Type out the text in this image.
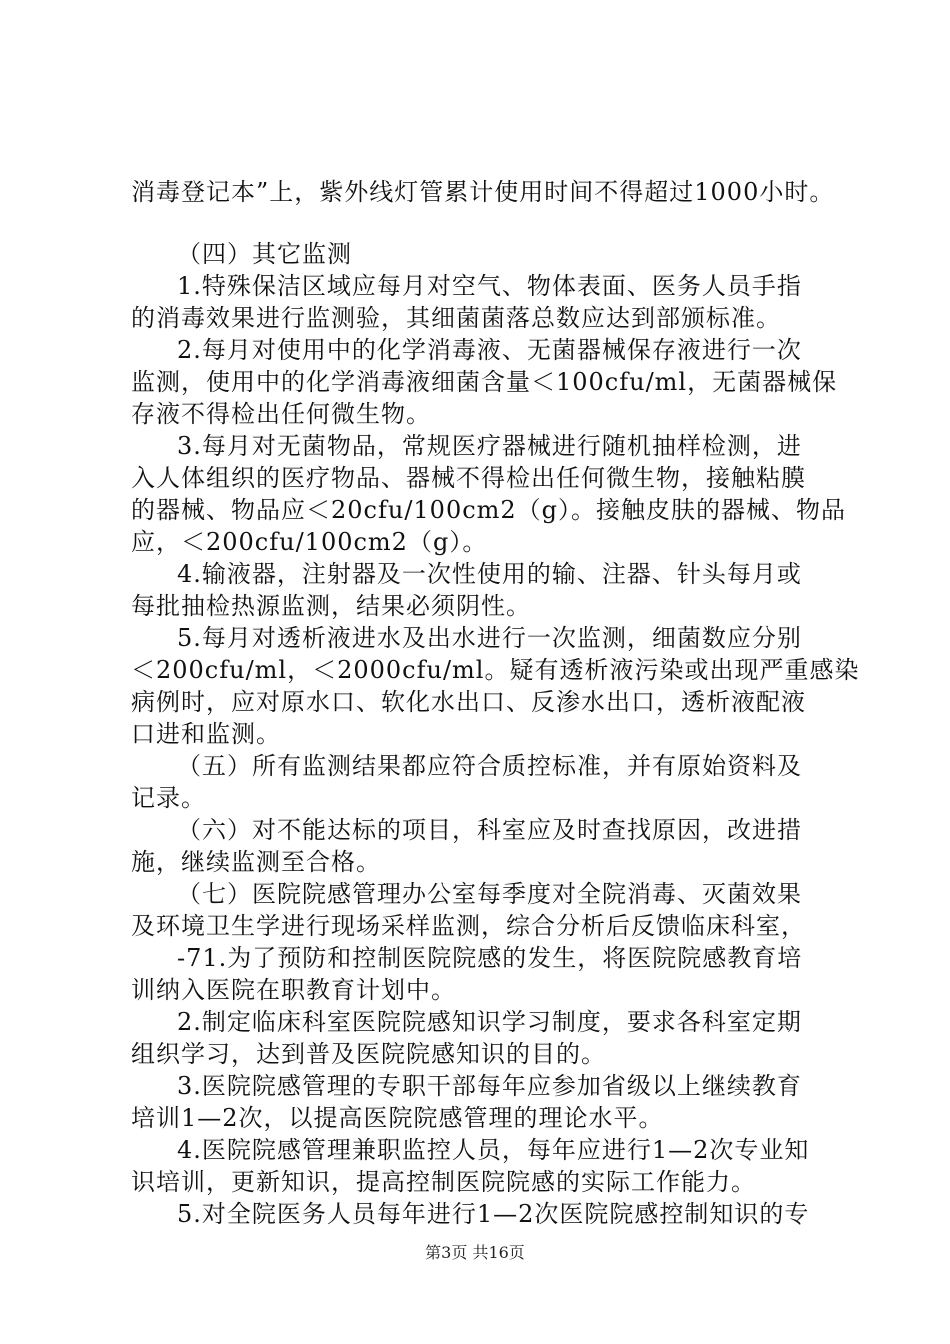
消毒登记本”上，紫外线灯管累计使用时间不得超过1000小时。

（四）其它监测

1.特殊保洁区域应每月对空气、物体表面、医务人员手指

的消毒效果进行监测验，其细菌菌落总数应达到部颁标准。

2.每月对使用中的化学消毒液、无菌器械保存液进行一次

监测，使用中的化学消毒液细菌含量＜100cfu/ml，无菌器械保

存液不得检出任何微生物。

3.每月对无菌物品，常规医疗器械进行随机抽样检测，进

入人体组织的医疗物品、器械不得检出任何微生物，接触粘膜

的器械、物品应＜20cfu/100cm2（g）。接触皮肤的器械、物品

应，＜200cfu/100cm2（g）。

4.输液器，注射器及一次性使用的输、注器、针头每月或

每批抽检热源监测，结果必须阴性。

5.每月对透析液进水及出水进行一次监测，细菌数应分别

＜200cfu/ml，＜2000cfu/ml。疑有透析液污染或出现严重感染

病例时，应对原水口、软化水出口、反渗水出口，透析液配液

口进和监测。

（五）所有监测结果都应符合质控标准，并有原始资料及

记录。

（六）对不能达标的项目，科室应及时查找原因，改进措

施，继续监测至合格。

（七）医院院感管理办公室每季度对全院消毒、灭菌效果

及环境卫生学进行现场采样监测，综合分析后反馈临床科室，

-71.为了预防和控制医院院感的发生，将医院院感教育培

训纳入医院在职教育计划中。

2.制定临床科室医院院感知识学习制度，要求各科室定期

组织学习，达到普及医院院感知识的目的。

3.医院院感管理的专职干部每年应参加省级以上继续教育

培训1—2次，以提高医院院感管理的理论水平。

4.医院院感管理兼职监控人员，每年应进行1—2次专业知

识培训，更新知识，提高控制医院院感的实际工作能力。

5.对全院医务人员每年进行1—2次医院院感控制知识的专

第3页 共16页
